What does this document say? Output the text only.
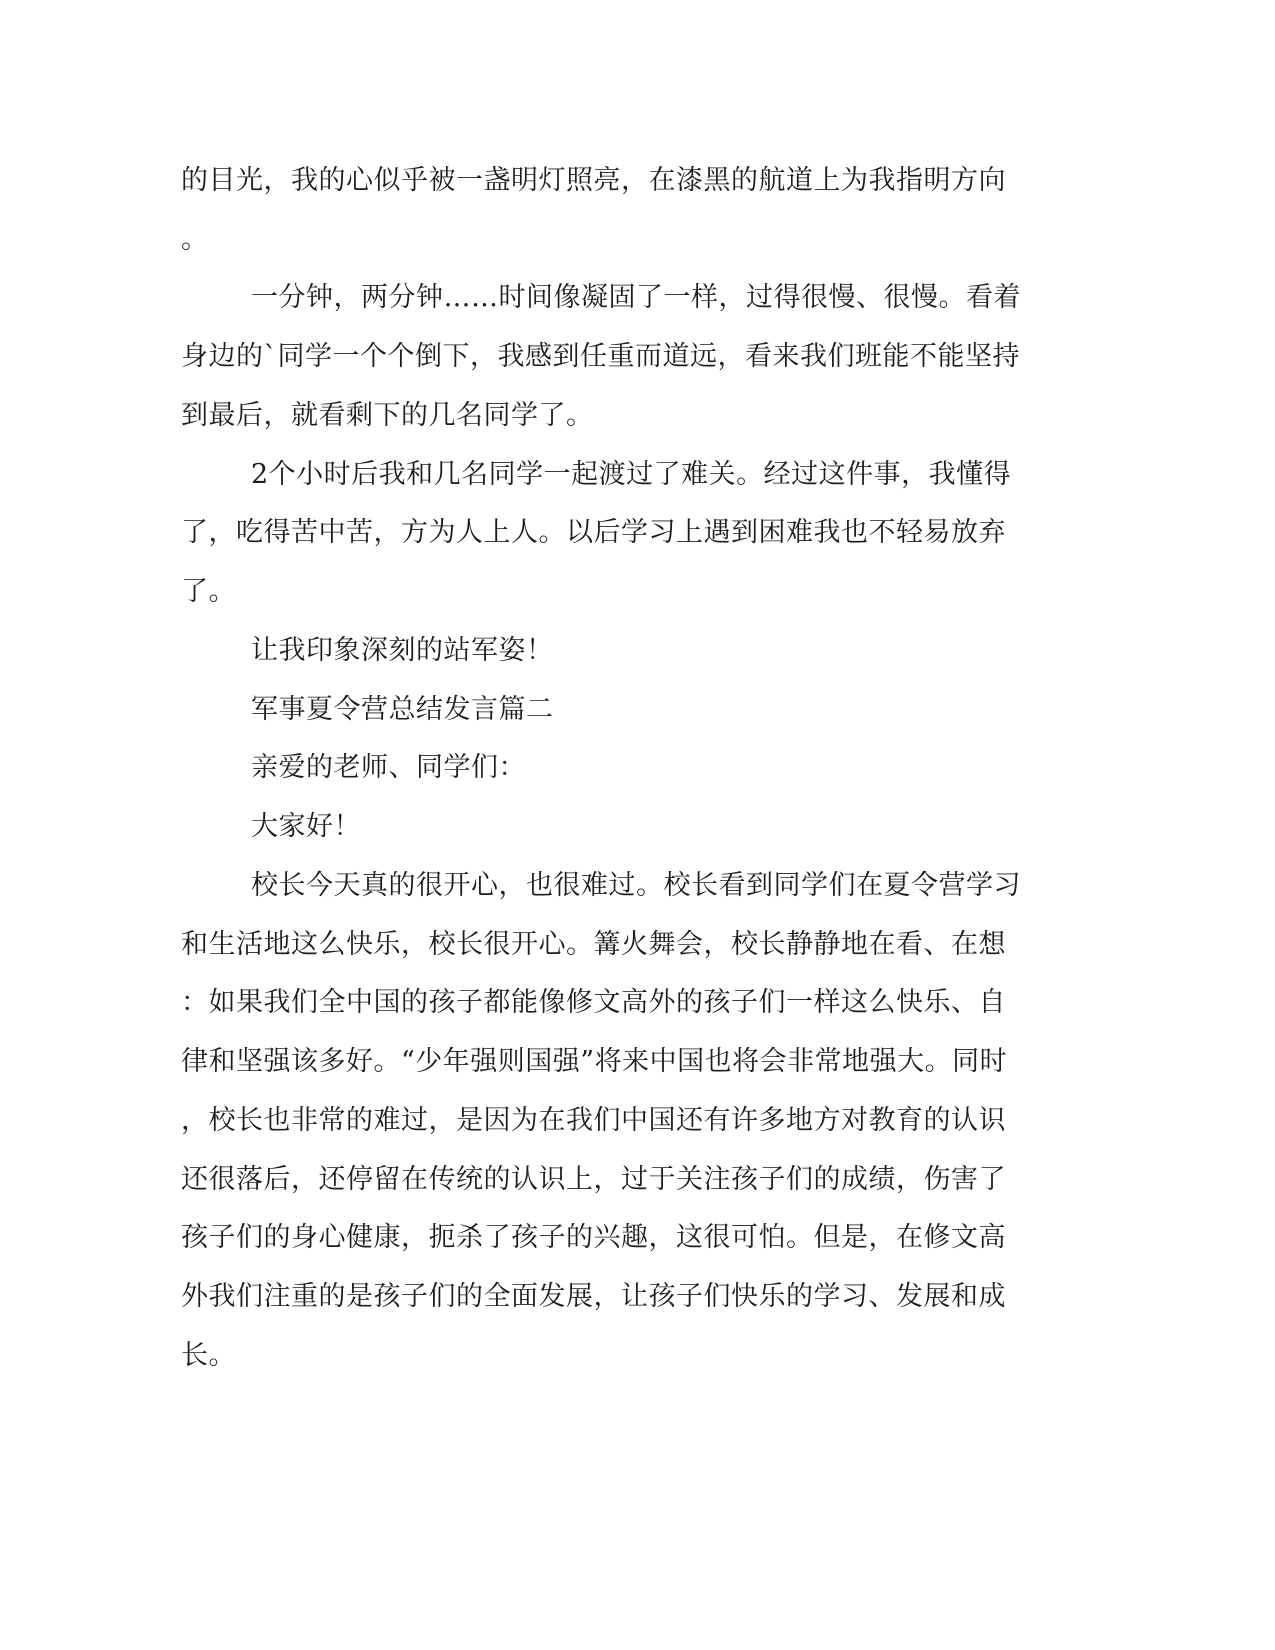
的目光，我的心似乎被一盏明灯照亮，在漆黑的航道上为我指明方向
。
一分钟，两分钟……时间像凝固了一样，过得很慢、很慢。看着
身边的`同学一个个倒下，我感到任重而道远，看来我们班能不能坚持
到最后，就看剩下的几名同学了。
2个小时后我和几名同学一起渡过了难关。经过这件事，我懂得
了，吃得苦中苦，方为人上人。以后学习上遇到困难我也不轻易放弃
了。
让我印象深刻的站军姿！
军事夏令营总结发言篇二
亲爱的老师、同学们：
大家好！
校长今天真的很开心，也很难过。校长看到同学们在夏令营学习
和生活地这么快乐，校长很开心。篝火舞会，校长静静地在看、在想
：如果我们全中国的孩子都能像修文高外的孩子们一样这么快乐、自
律和坚强该多好。“少年强则国强”将来中国也将会非常地强大。同时
，校长也非常的难过，是因为在我们中国还有许多地方对教育的认识
还很落后，还停留在传统的认识上，过于关注孩子们的成绩，伤害了
孩子们的身心健康，扼杀了孩子的兴趣，这很可怕。但是，在修文高
外我们注重的是孩子们的全面发展，让孩子们快乐的学习、发展和成
长。
